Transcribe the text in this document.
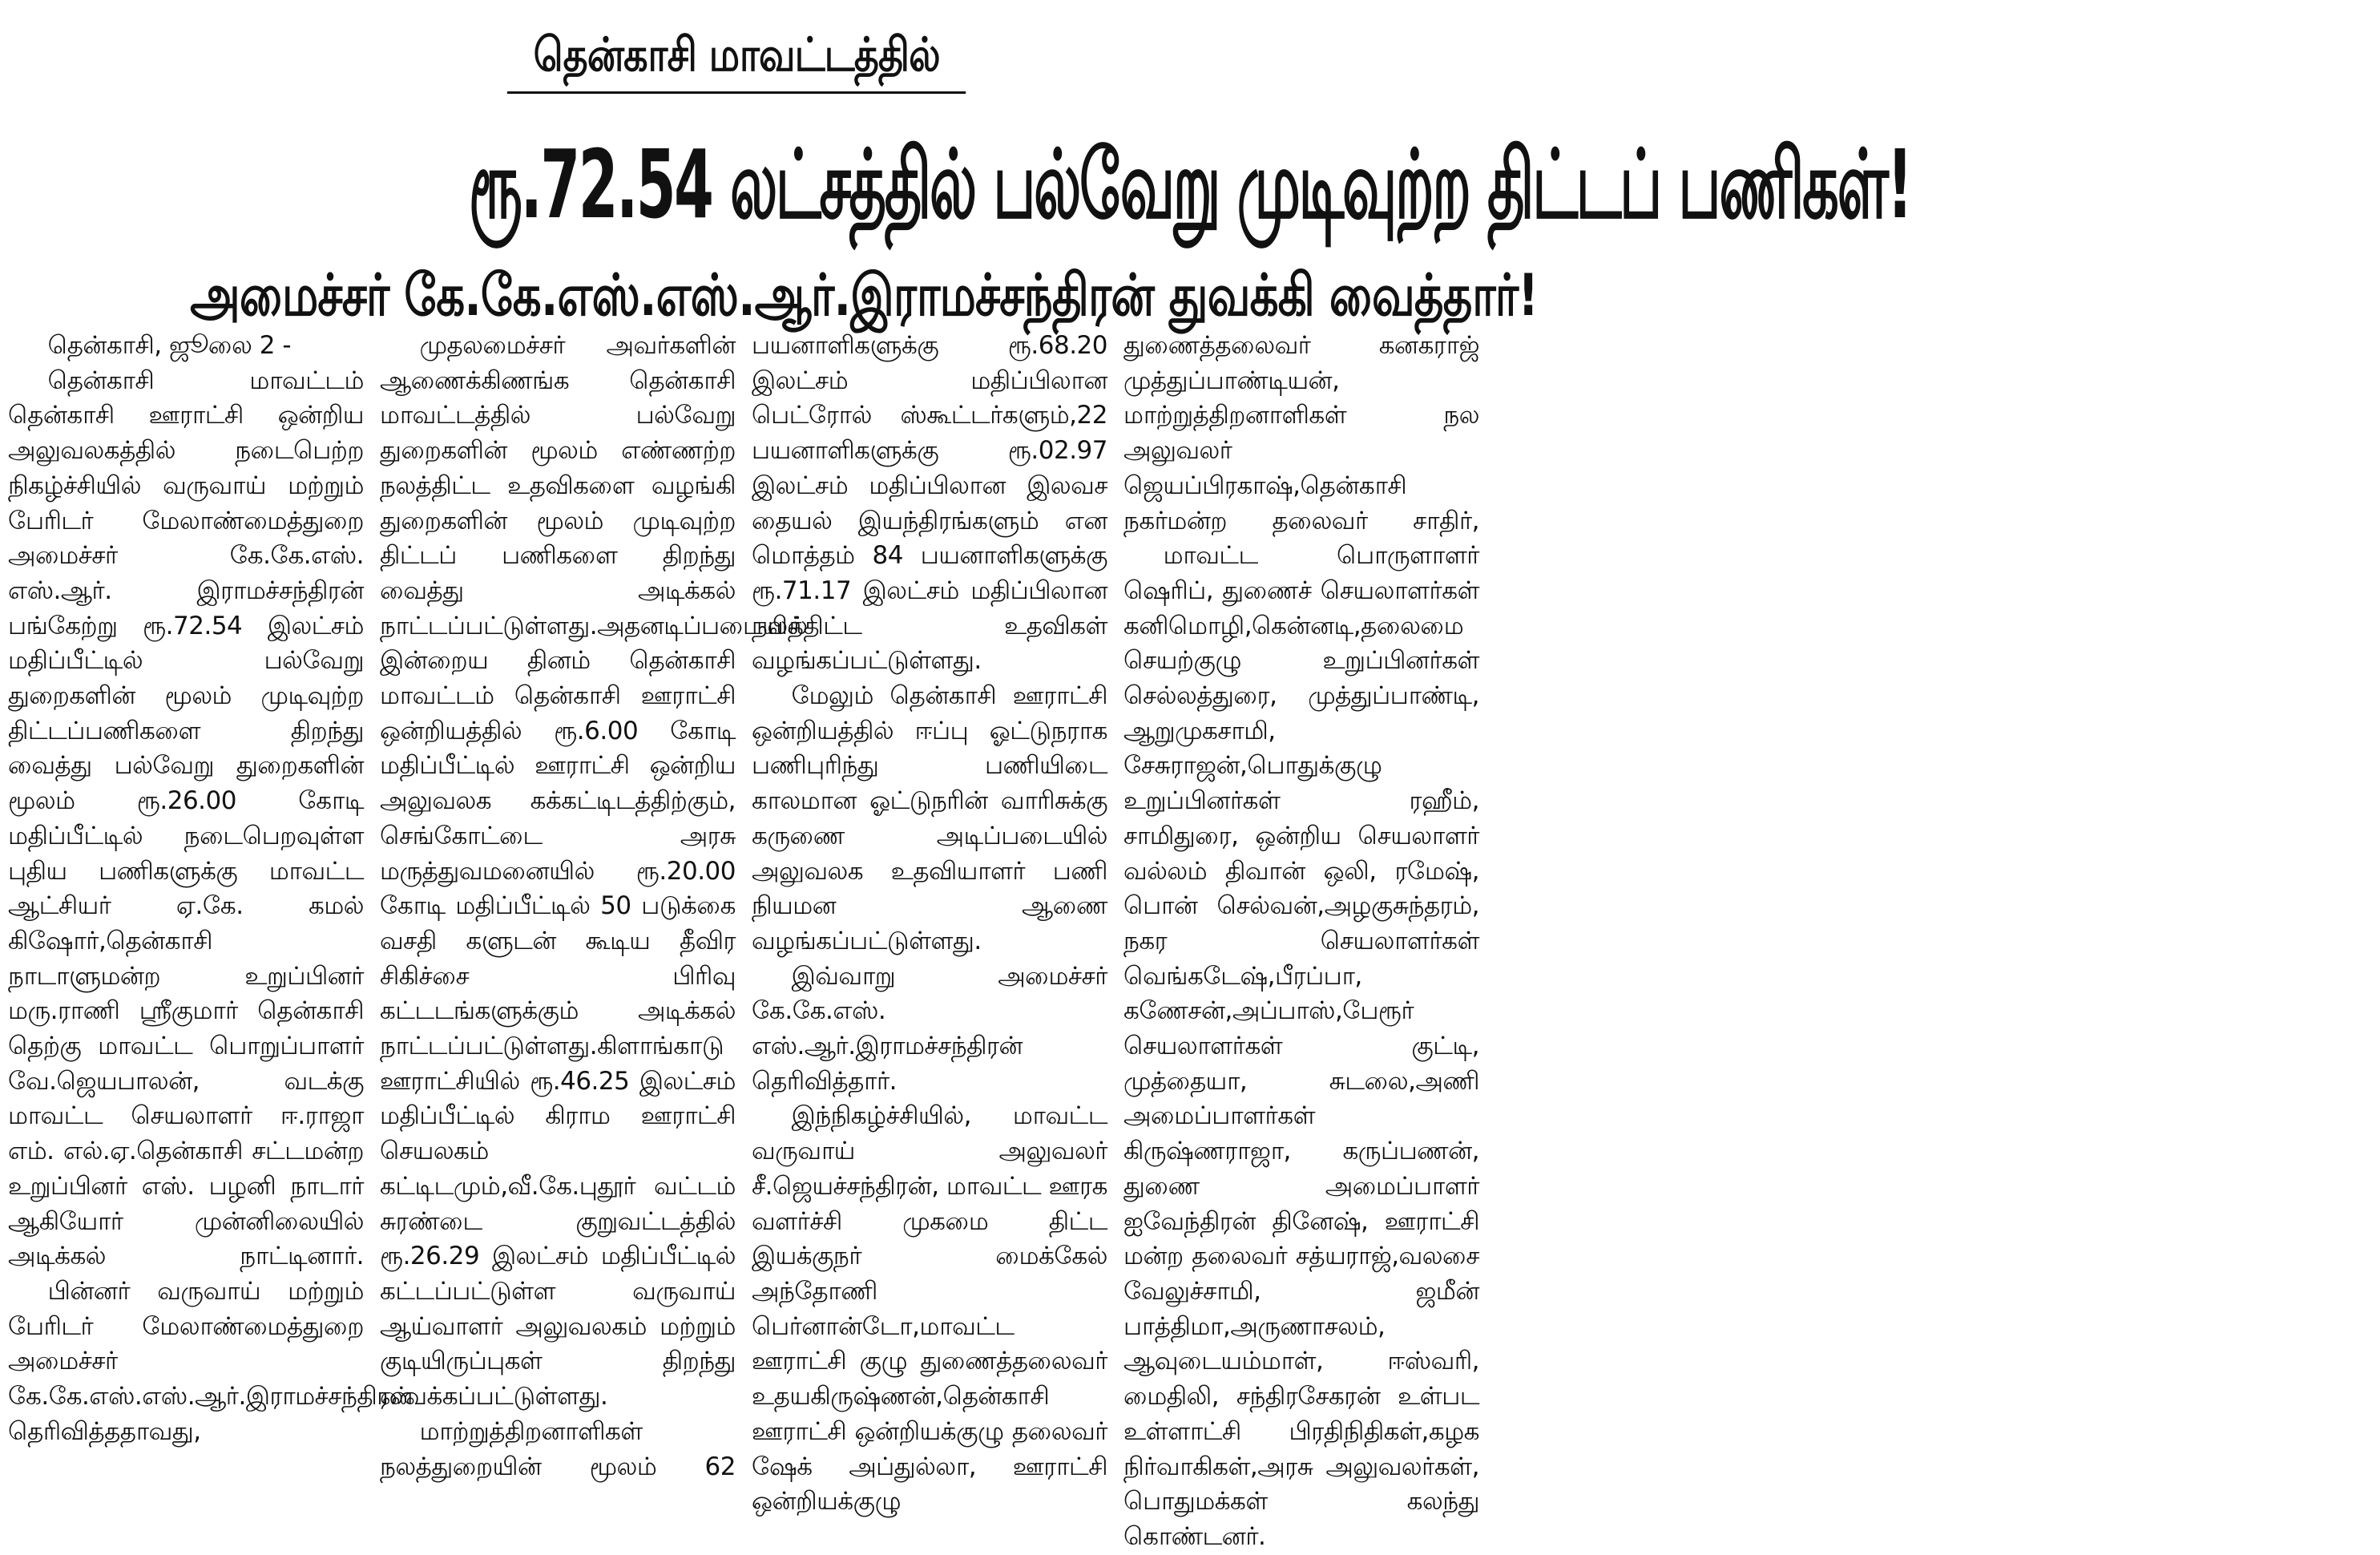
தென்காசி மாவட்டத்தில்
ரூ.72.54 லட்சத்தில் பல்வேறு முடிவுற்ற திட்டப் பணிகள்!
அமைச்சர் கே.கே.எஸ்.எஸ்.ஆர்.இராமச்சந்திரன் துவக்கி வைத்தார்!

தென்காசி, ஜூலை 2 -

தென்காசி மாவட்டம் தென்காசி ஊராட்சி ஒன்றிய அலுவலகத்தில் நடைபெற்ற நிகழ்ச்சியில் வருவாய் மற்றும் பேரிடர் மேலாண்மைத்துறை அமைச்சர் கே.கே.எஸ். எஸ்.ஆர். இராமச்சந்திரன் பங்கேற்று ரூ.72.54 இலட்சம் மதிப்பீட்டில் பல்வேறு துறைகளின் மூலம் முடிவுற்ற திட்டப்பணிகளை திறந்து வைத்து பல்வேறு துறைகளின் மூலம் ரூ.26.00 கோடி மதிப்பீட்டில் நடைபெறவுள்ள புதிய பணிகளுக்கு மாவட்ட ஆட்சியர் ஏ.கே. கமல் கிஷோர்,தென்காசி நாடாளுமன்ற உறுப்பினர் மரு.ராணி ஸ்ரீகுமார் தென்காசி தெற்கு மாவட்ட பொறுப்பாளர் வே.ஜெயபாலன், வடக்கு மாவட்ட செயலாளர் ஈ.ராஜா எம். எல்.ஏ.தென்காசி சட்டமன்ற உறுப்பினர் எஸ். பழனி நாடார் ஆகியோர் முன்னிலையில் அடிக்கல் நாட்டினார்.

பின்னர் வருவாய் மற்றும் பேரிடர் மேலாண்மைத்துறை அமைச்சர் கே.கே.எஸ்.எஸ்.ஆர்.இராமச்சந்திரன் தெரிவித்ததாவது,

முதலமைச்சர் அவர்களின் ஆணைக்கிணங்க தென்காசி மாவட்டத்தில் பல்வேறு துறைகளின் மூலம் எண்ணற்ற நலத்திட்ட உதவிகளை வழங்கி துறைகளின் மூலம் முடிவுற்ற திட்டப் பணிகளை திறந்து வைத்து அடிக்கல் நாட்டப்பட்டுள்ளது.அதனடிப்படையில் இன்றைய தினம் தென்காசி மாவட்டம் தென்காசி ஊராட்சி ஒன்றியத்தில் ரூ.6.00 கோடி மதிப்பீட்டில் ஊராட்சி ஒன்றிய அலுவலக கக்கட்டிடத்திற்கும், செங்கோட்டை அரசு மருத்துவமனையில் ரூ.20.00 கோடி மதிப்பீட்டில் 50 படுக்கை வசதி களுடன் கூடிய தீவிர சிகிச்சை பிரிவு கட்டடங்களுக்கும் அடிக்கல் நாட்டப்பட்டுள்ளது.கிளாங்காடு ஊராட்சியில் ரூ.46.25 இலட்சம் மதிப்பீட்டில் கிராம ஊராட்சி செயலகம் கட்டிடமும்,வீ.கே.புதூர் வட்டம் சுரண்டை குறுவட்டத்தில் ரூ.26.29 இலட்சம் மதிப்பீட்டில் கட்டப்பட்டுள்ள வருவாய் ஆய்வாளர் அலுவலகம் மற்றும் குடியிருப்புகள் திறந்து வைக்கப்பட்டுள்ளது.

மாற்றுத்திறனாளிகள் நலத்துறையின் மூலம் 62

பயனாளிகளுக்கு ரூ.68.20 இலட்சம் மதிப்பிலான பெட்ரோல் ஸ்கூட்டர்களும்,22 பயனாளிகளுக்கு ரூ.02.97 இலட்சம் மதிப்பிலான இலவச தையல் இயந்திரங்களும் என மொத்தம் 84 பயனாளிகளுக்கு ரூ.71.17 இலட்சம் மதிப்பிலான நலத்திட்ட உதவிகள் வழங்கப்பட்டுள்ளது.

மேலும் தென்காசி ஊராட்சி ஒன்றியத்தில் ஈப்பு ஓட்டுநராக பணிபுரிந்து பணியிடை காலமான ஓட்டுநரின் வாரிசுக்கு கருணை அடிப்படையில் அலுவலக உதவியாளர் பணி நியமன ஆணை வழங்கப்பட்டுள்ளது.

இவ்வாறு அமைச்சர் கே.கே.எஸ். எஸ்.ஆர்.இராமச்சந்திரன் தெரிவித்தார்.

இந்நிகழ்ச்சியில், மாவட்ட வருவாய் அலுவலர் சீ.ஜெயச்சந்திரன், மாவட்ட ஊரக வளர்ச்சி முகமை திட்ட இயக்குநர் மைக்கேல் அந்தோணி பெர்னான்டோ,மாவட்ட ஊராட்சி குழு துணைத்தலைவர் உதயகிருஷ்ணன்,தென்காசி ஊராட்சி ஒன்றியக்குழு தலைவர் ஷேக் அப்துல்லா, ஊராட்சி ஒன்றியக்குழு

துணைத்தலைவர் கனகராஜ் முத்துப்பாண்டியன், மாற்றுத்திறனாளிகள் நல அலுவலர் ஜெயப்பிரகாஷ்,தென்காசி நகர்மன்ற தலைவர் சாதிர்,

மாவட்ட பொருளாளர் ஷெரிப், துணைச் செயலாளர்கள் கனிமொழி,கென்னடி,தலைமை செயற்குழு உறுப்பினர்கள் செல்லத்துரை, முத்துப்பாண்டி, ஆறுமுகசாமி, சேசுராஜன்,பொதுக்குழு உறுப்பினர்கள் ரஹீம், சாமிதுரை, ஒன்றிய செயலாளர் வல்லம் திவான் ஒலி, ரமேஷ், பொன் செல்வன்,அழகுசுந்தரம், நகர செயலாளர்கள் வெங்கடேஷ்,பீரப்பா, கணேசன்,அப்பாஸ்,பேரூர் செயலாளர்கள் குட்டி, முத்தையா, சுடலை,அணி அமைப்பாளர்கள் கிருஷ்ணராஜா, கருப்பணன், துணை அமைப்பாளர் ஐவேந்திரன் தினேஷ், ஊராட்சி மன்ற தலைவர் சத்யராஜ்,வலசை வேலுச்சாமி, ஜமீன் பாத்திமா,அருணாசலம், ஆவுடையம்மாள், ஈஸ்வரி, மைதிலி, சந்திரசேகரன் உள்பட உள்ளாட்சி பிரதிநிதிகள்,கழக நிர்வாகிகள்,அரசு அலுவலர்கள், பொதுமக்கள் கலந்து கொண்டனர்.
